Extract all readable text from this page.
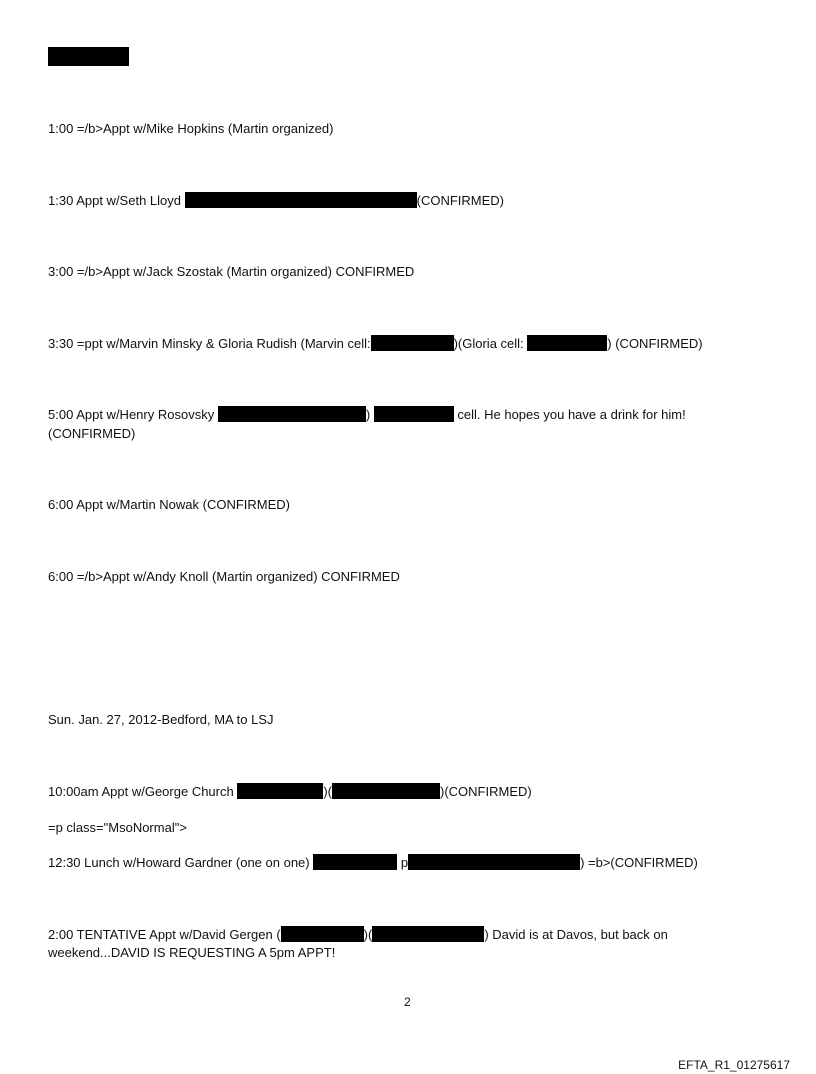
1:00 =/b>Appt w/Mike Hopkins (Martin organized)
1:30 Appt w/Seth Lloyd	(CONFIRMED)
3:00 =/b>Appt w/Jack Szostak (Martin organized) CONFIRMED
3:30 =ppt w/Marvin Minsky & Gloria Rudish (Marvin cell:	)(Gloria cell:	) (CONFIRMED)
5:00 Appt w/Henry Rosovsky	)	cell. He hopes you have a drink for him!
(CONFIRMED)
6:00 Appt w/Martin Nowak (CONFIRMED)
6:00 =/b>Appt w/Andy Knoll (Martin organized) CONFIRMED
Sun. Jan. 27, 2012-Bedford, MA to LSJ
10:00am Appt w/George Church	)(	)(CONFIRMED)
=p class="MsoNormal">
12:30 Lunch w/Howard Gardner (one on one)	p	) =b>(CONFIRMED)
2:00 TENTATIVE Appt w/David Gergen (	)(	) David is at Davos, but back on
weekend...DAVID IS REQUESTING A 5pm APPT!
2
EFTA_R1_01275617
